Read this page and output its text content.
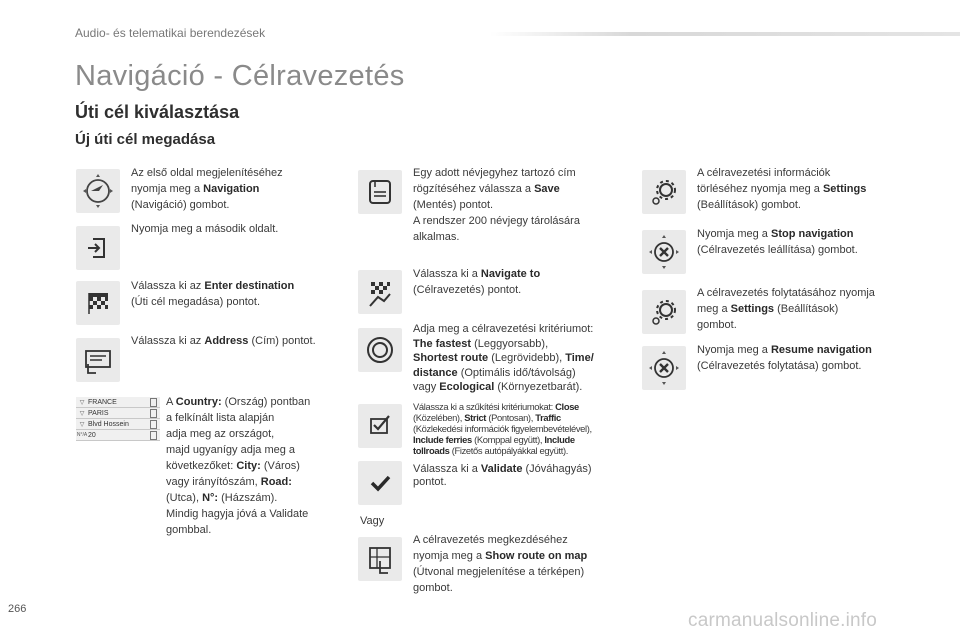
Audio- és telematikai berendezések
Navigáció - Célravezetés
Úti cél kiválasztása
Új úti cél megadása
Az első oldal megjelenítéséhez
nyomja meg a Navigation
(Navigáció) gombot.
Nyomja meg a második oldalt.
Válassza ki az Enter destination
(Úti cél megadása) pontot.
Válassza ki az Address (Cím) pontot.
▽ FRANCE
▽ PARIS
▽ Blvd Hossein
N°/A 20
A Country: (Ország) pontban
a felkínált lista alapján
adja meg az országot,
majd ugyanígy adja meg a
következőket: City: (Város)
vagy irányítószám, Road:
(Utca), N°: (Házszám).
Mindig hagyja jóvá a Validate
gombbal.
Egy adott névjegyhez tartozó cím
rögzítéséhez válassza a Save
(Mentés) pontot.
A rendszer 200 névjegy tárolására
alkalmas.
Válassza ki a Navigate to
(Célravezetés) pontot.
Adja meg a célravezetési kritériumot:
The fastest (Leggyorsabb),
Shortest route (Legrövidebb), Time/
distance (Optimális idő/távolság)
vagy Ecological (Környezetbarát).
Válassza ki a szűkítési kritériumokat: Close
(Közelében), Strict (Pontosan), Traffic
(Közlekedési információk figyelembevételével),
Include ferries (Komppal együtt), Include
tollroads (Fizetős autópályákkal együtt).
Válassza ki a Validate (Jóváhagyás)
pontot.
Vagy
A célravezetés megkezdéséhez
nyomja meg a Show route on map
(Útvonal megjelenítése a térképen)
gombot.
A célravezetési információk
törléséhez nyomja meg a Settings
(Beállítások) gombot.
Nyomja meg a Stop navigation
(Célravezetés leállítása) gombot.
A célravezetés folytatásához nyomja
meg a Settings (Beállítások)
gombot.
Nyomja meg a Resume navigation
(Célravezetés folytatása) gombot.
266
carmanualsonline.info
